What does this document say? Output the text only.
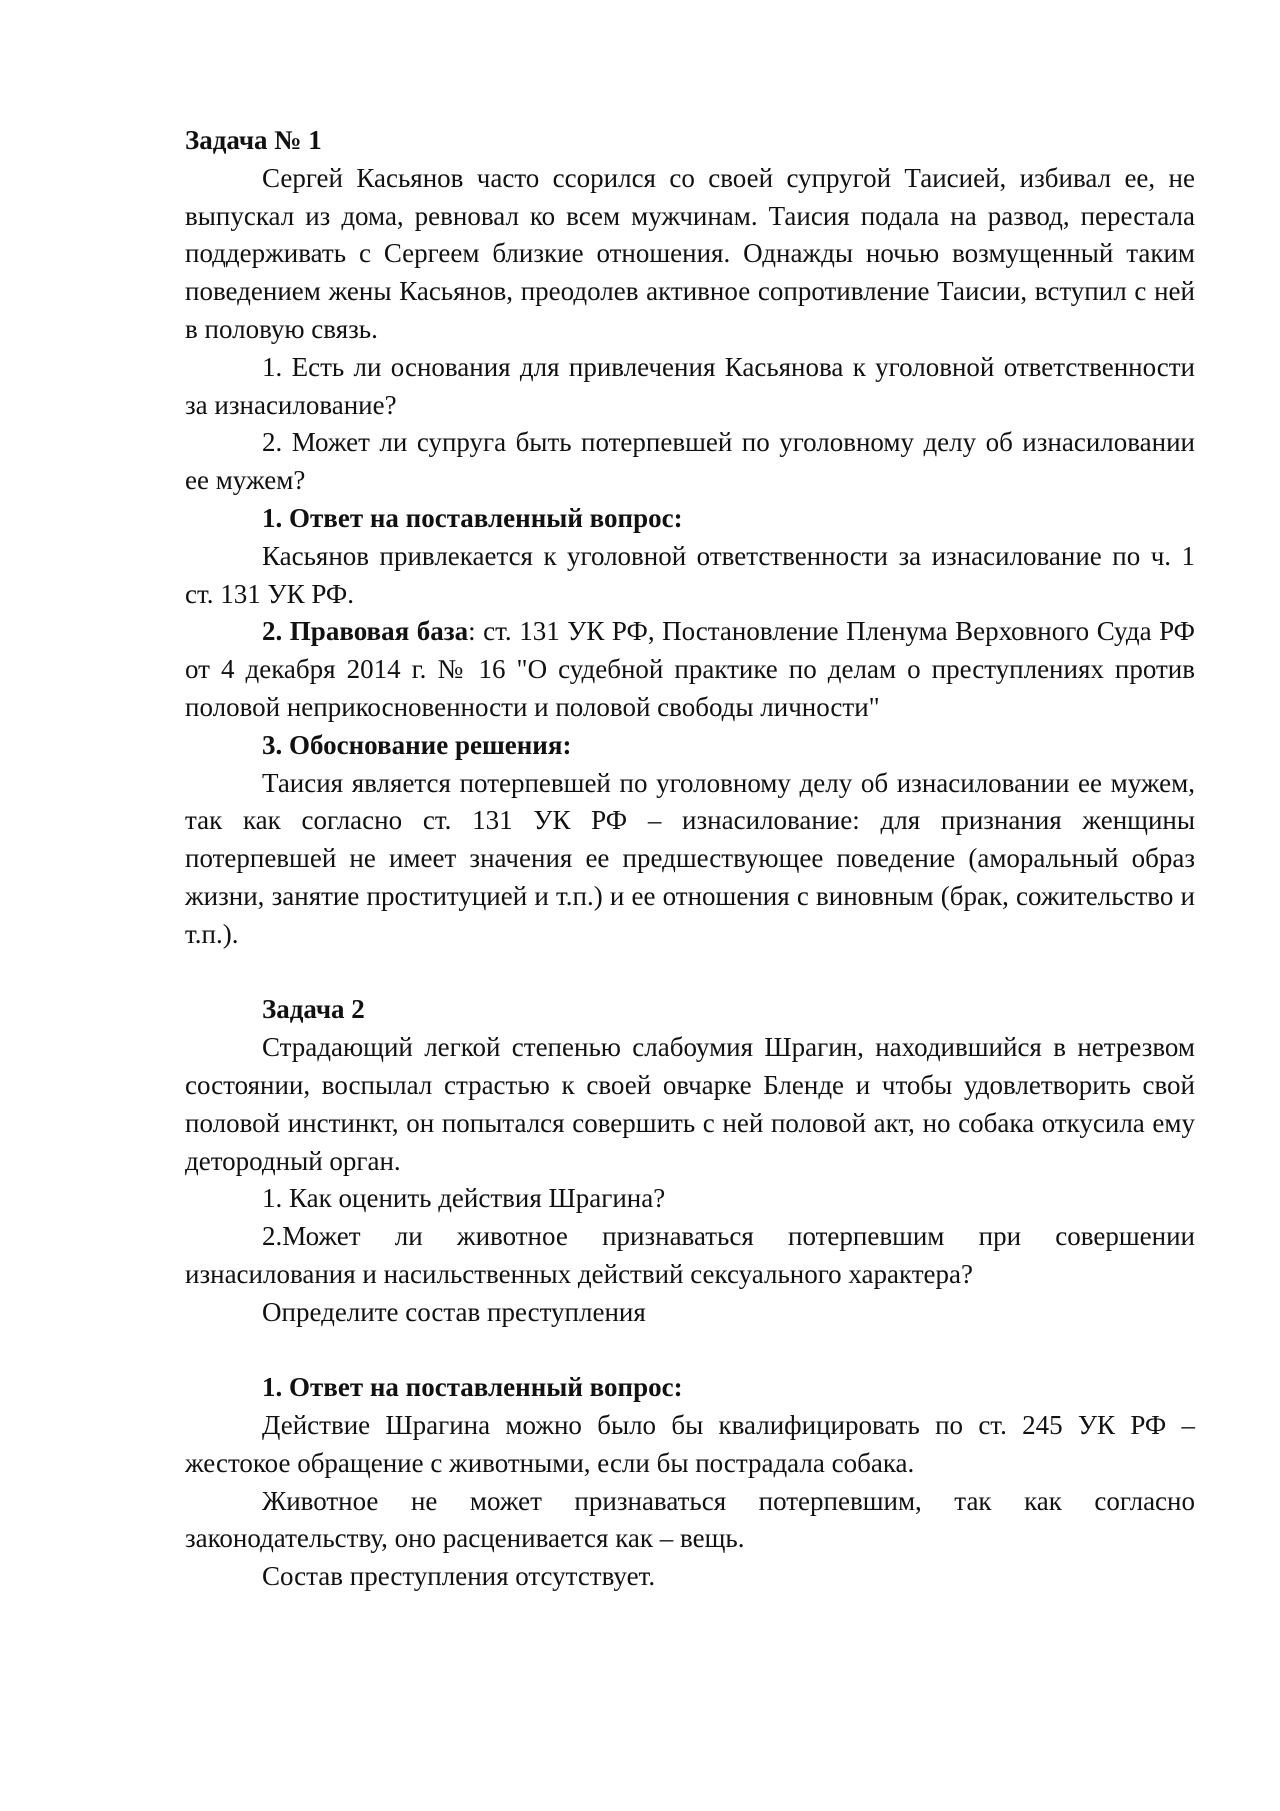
Задача № 1

Сергей Касьянов часто ссорился со своей супругой Таисией, избивал ее, не выпускал из дома, ревновал ко всем мужчинам. Таисия подала на развод, перестала поддерживать с Сергеем близкие отношения. Однажды ночью возмущенный таким поведением жены Касьянов, преодолев активное сопротивление Таисии, вступил с ней в половую связь.

1. Есть ли основания для привлечения Касьянова к уголовной ответственности за изнасилование?

2. Может ли супруга быть потерпевшей по уголовному делу об изнасиловании ее мужем?

1. Ответ на поставленный вопрос:

Касьянов привлекается к уголовной ответственности за изнасилование по ч. 1 ст. 131 УК РФ.

2. Правовая база: ст. 131 УК РФ, Постановление Пленума Верховного Суда РФ от 4 декабря 2014 г. № 16 "О судебной практике по делам о преступлениях против половой неприкосновенности и половой свободы личности"

3. Обоснование решения:

Таисия является потерпевшей по уголовному делу об изнасиловании ее мужем, так как согласно ст. 131 УК РФ – изнасилование: для признания женщины потерпевшей не имеет значения ее предшествующее поведение (аморальный образ жизни, занятие проституцией и т.п.) и ее отношения с виновным (брак, сожительство и т.п.).

Задача 2

Страдающий легкой степенью слабоумия Шрагин, находившийся в нетрезвом состоянии, воспылал страстью к своей овчарке Бленде и чтобы удовлетворить свой половой инстинкт, он попытался совершить с ней половой акт, но собака откусила ему детородный орган.

1. Как оценить действия Шрагина?

2.Может ли животное признаваться потерпевшим при совершении изнасилования и насильственных действий сексуального характера?

Определите состав преступления

1. Ответ на поставленный вопрос:

Действие Шрагина можно было бы квалифицировать по ст. 245 УК РФ – жестокое обращение с животными, если бы пострадала собака.

Животное не может признаваться потерпевшим, так как согласно законодательству, оно расценивается как – вещь.

Состав преступления отсутствует.
